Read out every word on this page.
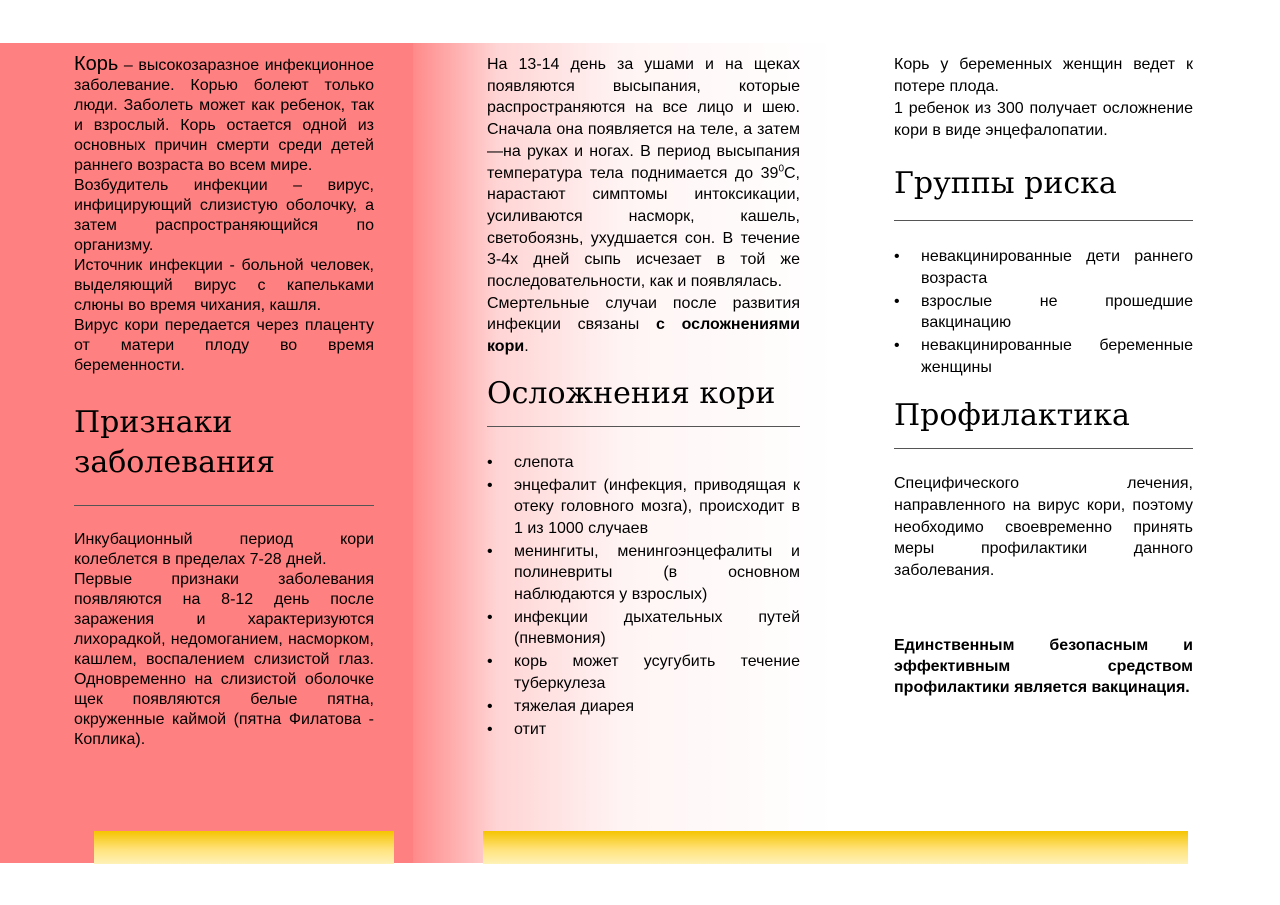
Корь – высокозаразное инфекционное заболевание. Корью болеют только люди. Заболеть может как ребенок, так и взрослый. Корь остается одной из основных причин смерти среди детей раннего возраста во всем мире.

Возбудитель инфекции – вирус, инфицирующий слизистую оболочку, а затем распространяющийся по организму.

Источник инфекции - больной человек, выделяющий вирус с капельками слюны во время чихания, кашля.

Вирус кори передается через плаценту от матери плоду во время беременности.

Признаки
заболевания

Инкубационный период кори колеблется в пределах 7-28 дней.

Первые признаки заболевания появляются на 8-12 день после заражения и характеризуются лихорадкой, недомоганием, насморком, кашлем, воспалением слизистой глаз. Одновременно на слизистой оболочке щек появляются белые пятна, окруженные каймой (пятна Филатова - Коплика).

На 13-14 день за ушами и на щеках появляются высыпания, которые распространяются на все лицо и шею. Сначала она появляется на теле, а затем—на руках и ногах. В период высыпания температура тела поднимается до $39^0С$, нарастают симптомы интоксикации, усиливаются насморк, кашель, светобоязнь, ухудшается сон. В течение 3-4х дней сыпь исчезает в той же последовательности, как и появлялась.

Смертельные случаи после развития инфекции связаны с осложнениями кори.

Осложнения кори
• слепота
• энцефалит (инфекция, приводящая к отеку головного мозга), происходит в 1 из 1000 случаев
• менингиты, менингоэнцефалиты и полиневриты (в основном наблюдаются у взрослых)
• инфекции дыхательных путей (пневмония)
• корь может усугубить течение туберкулеза
• тяжелая диарея
• отит

Корь у беременных женщин ведет к потере плода.

1 ребенок из 300 получает осложнение кори в виде энцефалопатии.

Группы риска
• невакцинированные дети раннего возраста
• взрослые не прошедшие вакцинацию
• невакцинированные беременные женщины
Профилактика

Специфического лечения, направленного на вирус кори, поэтому необходимо своевременно принять меры профилактики данного заболевания.

Единственным безопасным и эффективным средством профилактики является вакцинация.
